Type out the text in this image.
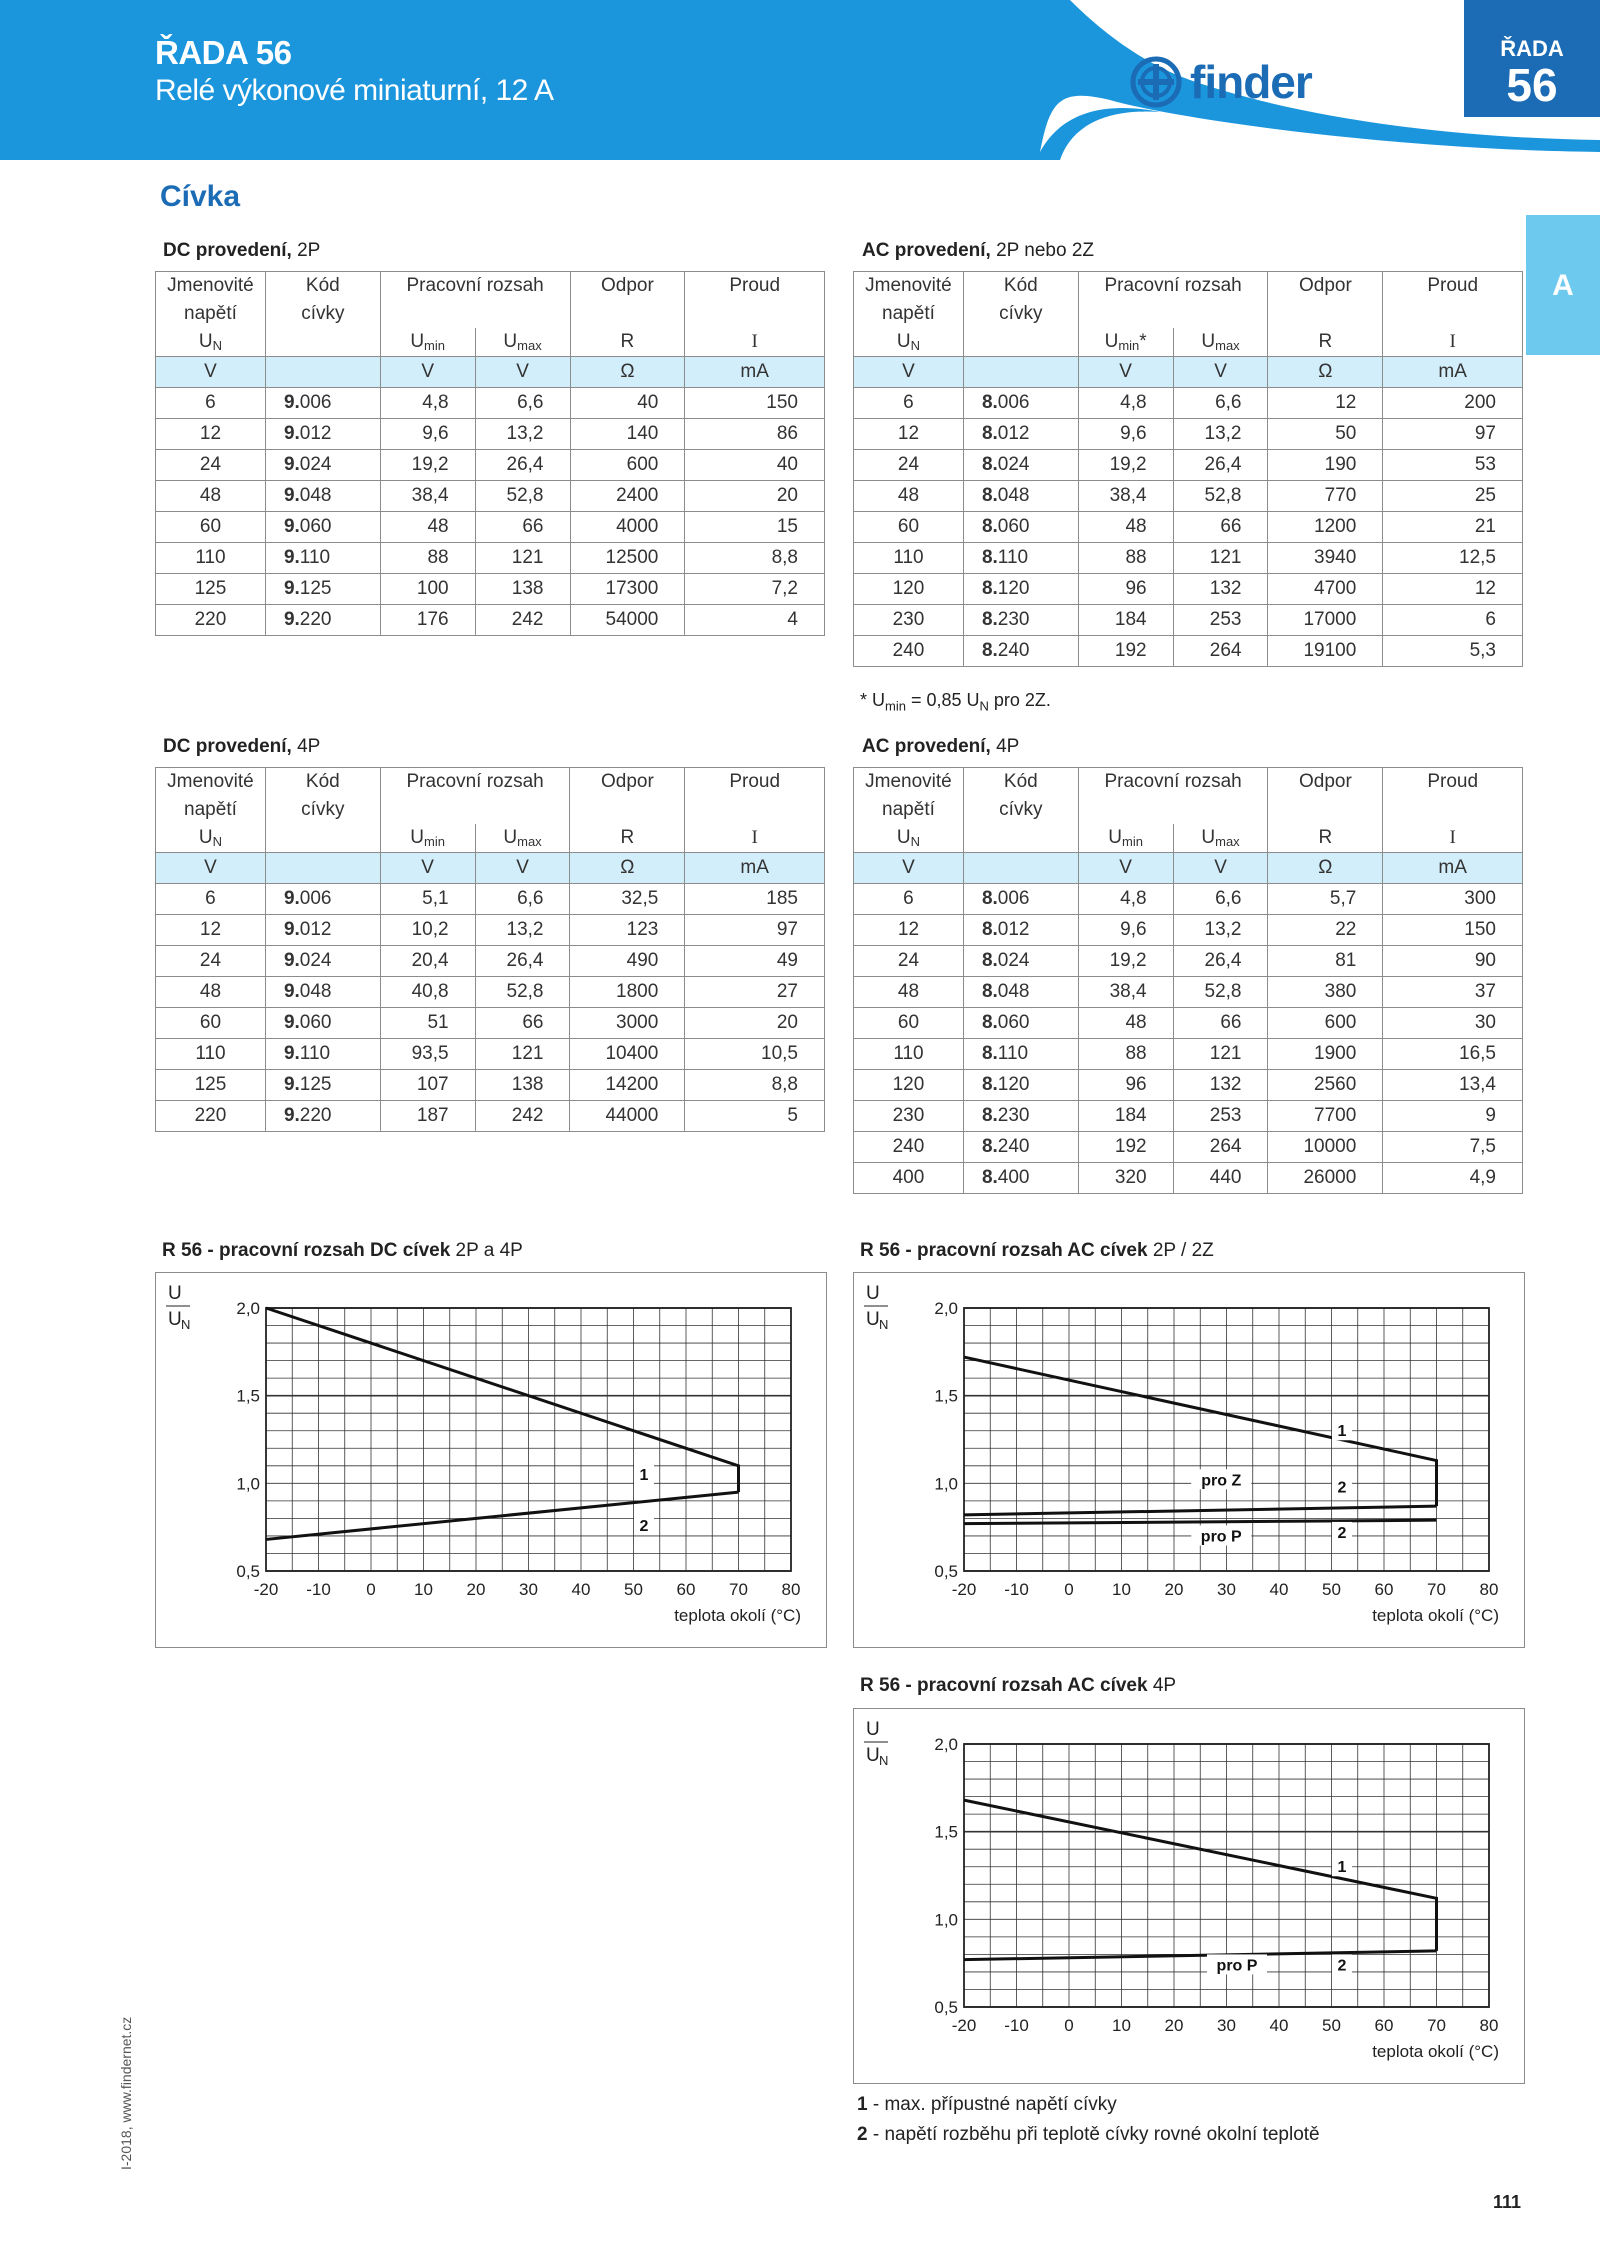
ŘADA 56
Relé výkonové miniaturní, 12 A	finder
ŘADA
56
A
Cívka
DC provedení, 2P	AC provedení, 2P nebo 2Z
DC provedení, 4P	AC provedení, 4P
Jmenovité	Kód	Pracovní rozsah		Odpor	Proud
napětí	cívky				
$U_N$		$U_{min}$	$U_{max}$	R	I
V		V	V	Ω	mA
6	9.006	4,8	6,6	40	150
12	9.012	9,6	13,2	140	86
24	9.024	19,2	26,4	600	40
48	9.048	38,4	52,8	2400	20
60	9.060	48	66	4000	15
110	9.110	88	121	12500	8,8
125	9.125	100	138	17300	7,2
220	9.220	176	242	54000	4
Jmenovité	Kód	Pracovní rozsah		Odpor	Proud
napětí	cívky				
$U_N$		$U_{min}*$	$U_{max}$	R	I
V		V	V	Ω	mA
6	8.006	4,8	6,6	12	200
12	8.012	9,6	13,2	50	97
24	8.024	19,2	26,4	190	53
48	8.048	38,4	52,8	770	25
60	8.060	48	66	1200	21
110	8.110	88	121	3940	12,5
120	8.120	96	132	4700	12
230	8.230	184	253	17000	6
240	8.240	192	264	19100	5,3
Jmenovité	Kód	Pracovní rozsah		Odpor	Proud
napětí	cívky				
$U_N$		$U_{min}$	$U_{max}$	R	I
V		V	V	Ω	mA
6	9.006	5,1	6,6	32,5	185
12	9.012	10,2	13,2	123	97
24	9.024	20,4	26,4	490	49
48	9.048	40,8	52,8	1800	27
60	9.060	51	66	3000	20
110	9.110	93,5	121	10400	10,5
125	9.125	107	138	14200	8,8
220	9.220	187	242	44000	5
Jmenovité	Kód	Pracovní rozsah		Odpor	Proud
napětí	cívky				
$U_N$		$U_{min}$	$U_{max}$	R	I
V		V	V	Ω	mA
6	8.006	4,8	6,6	5,7	300
12	8.012	9,6	13,2	22	150
24	8.024	19,2	26,4	81	90
48	8.048	38,4	52,8	380	37
60	8.060	48	66	600	30
110	8.110	88	121	1900	16,5
120	8.120	96	132	2560	13,4
230	8.230	184	253	7700	9
240	8.240	192	264	10000	7,5
400	8.400	320	440	26000	4,9
* $U_{min} = 0,85$ $U_N$ pro 2Z.
R 56 - pracovní rozsah DC cívek 2P a 4P	R 56 - pracovní rozsah AC cívek 2P / 2Z
R 56 - pracovní rozsah AC cívek 4P
0,5
1,0
1,5
2,0
-20 -10 0 10 20 30 40 50 60 70 80
U
U N
teplota okolí (°C)
1
2
0,5
1,0
1,5
2,0
-20 -10 0 10 20 30 40 50 60 70 80
U
U N
teplota okolí (°C)
1
pro Z	2
pro P	2
0,5
1,0
1,5
2,0
-20 -10 0 10 20 30 40 50 60 70 80
U
U N
teplota okolí (°C)
1
pro P	2
1 - max. přípustné napětí cívky
2 - napětí rozběhu při teplotě cívky rovné okolní teplotě
I-2018, www.findernet.cz
111
